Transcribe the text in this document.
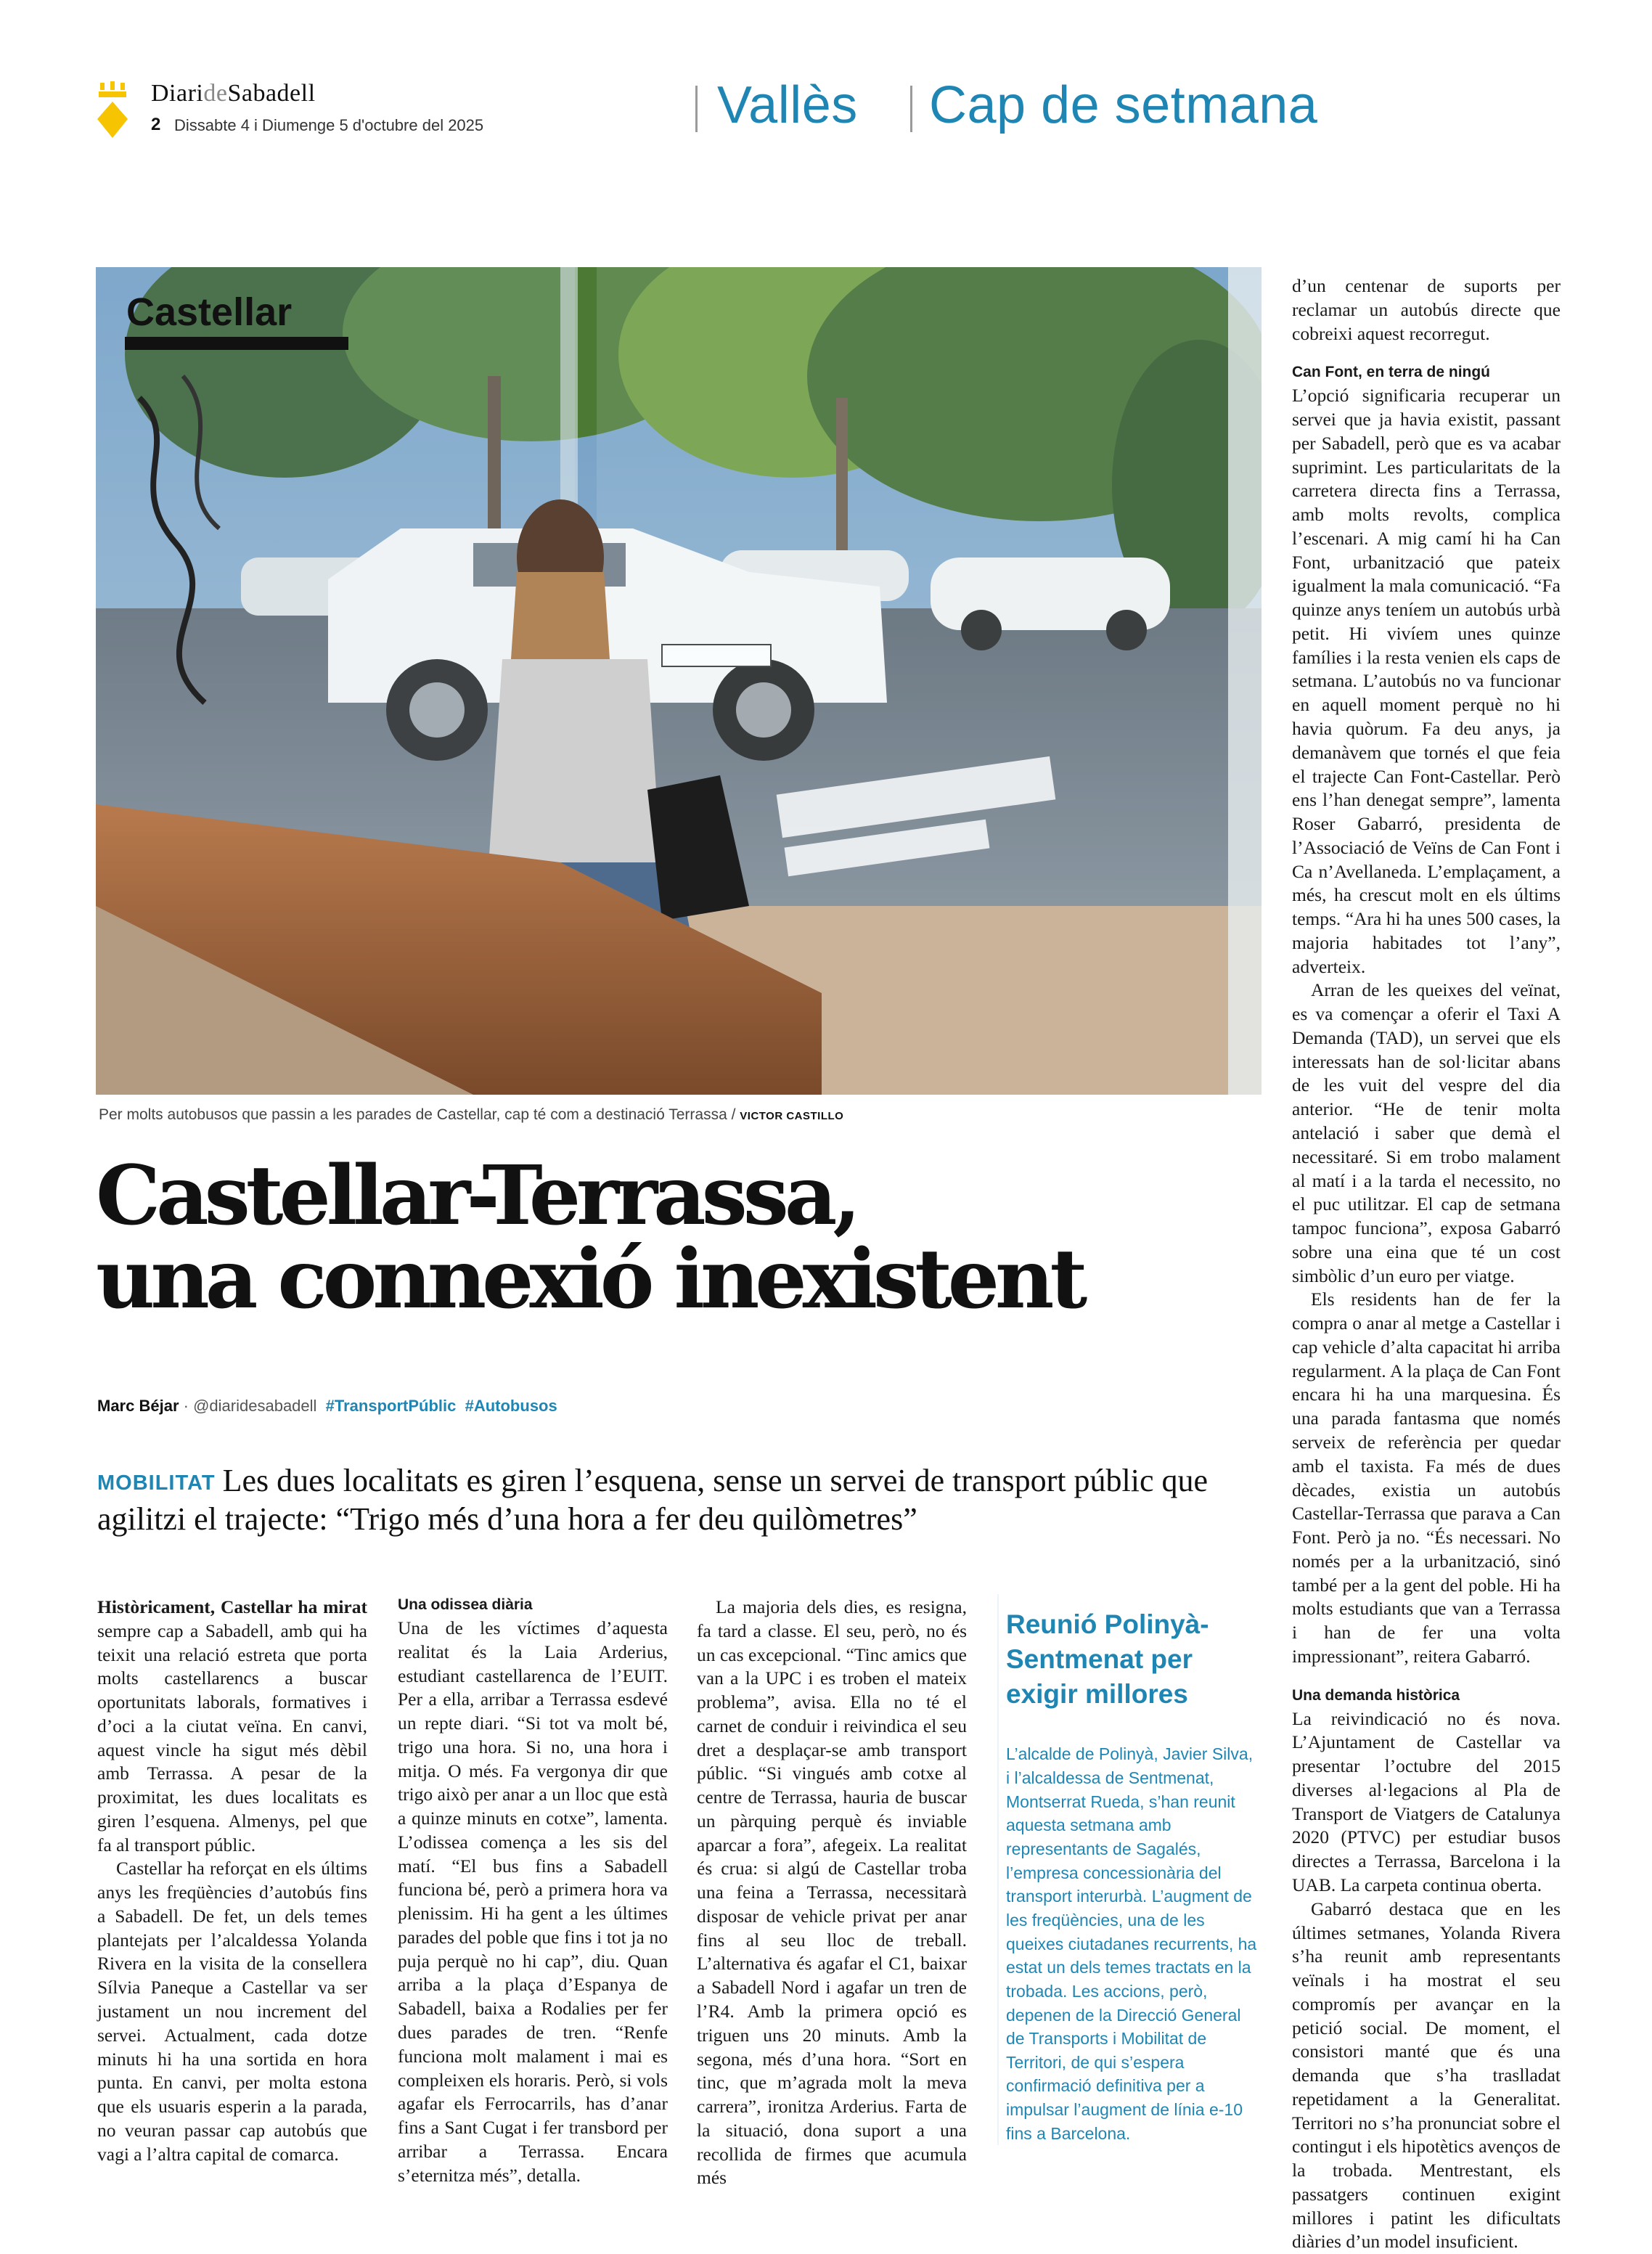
DiarideSabadell
2 Dissabte 4 i Diumenge 5 d'octubre del 2025	Vallès Cap de setmana
Castellar
Per molts autobusos que passin a les parades de Castellar, cap té com a destinació Terrassa / VICTOR CASTILLO
Castellar-Terrassa,
una connexió inexistent
Marc Béjar · @diaridesabadell #TransportPúblic #Autobusos
MOBILITAT Les dues localitats es giren l’esquena, sense un servei de transport públic que agilitzi el trajecte: “Trigo més d’una hora a fer deu quilòmetres”

Històricament, Castellar ha mirat sempre cap a Sabadell, amb qui ha teixit una relació estreta que porta molts castellarencs a buscar oportunitats laborals, formatives i d’oci a la ciutat veïna. En canvi, aquest vincle ha sigut més dèbil amb Terrassa. A pesar de la proximitat, les dues localitats es giren l’esquena. Almenys, pel que fa al transport públic.

Castellar ha reforçat en els últims anys les freqüències d’autobús fins a Sabadell. De fet, un dels temes plantejats per l’alcaldessa Yolanda Rivera en la visita de la consellera Sílvia Paneque a Castellar va ser justament un nou increment del servei. Actualment, cada dotze minuts hi ha una sortida en hora punta. En canvi, per molta estona que els usuaris esperin a la parada, no veuran passar cap autobús que vagi a l’altra capital de comarca.

Una odissea diària

Una de les víctimes d’aquesta realitat és la Laia Arderius, estudiant castellarenca de l’EUIT. Per a ella, arribar a Terrassa esdevé un repte diari. “Si tot va molt bé, trigo una hora. Si no, una hora i mitja. O més. Fa vergonya dir que trigo això per anar a un lloc que està a quinze minuts en cotxe”, lamenta. L’odissea comença a les sis del matí. “El bus fins a Sabadell funciona bé, però a primera hora va plenissim. Hi ha gent a les últimes parades del poble que fins i tot ja no puja perquè no hi cap”, diu. Quan arriba a la plaça d’Espanya de Sabadell, baixa a Rodalies per fer dues parades de tren. “Renfe funciona molt malament i mai es compleixen els horaris. Però, si vols agafar els Ferrocarrils, has d’anar fins a Sant Cugat i fer transbord per arribar a Terrassa. Encara s’eternitza més”, detalla.

La majoria dels dies, es resigna, fa tard a classe. El seu, però, no és un cas excepcional. “Tinc amics que van a la UPC i es troben el mateix problema”, avisa. Ella no té el carnet de conduir i reivindica el seu dret a desplaçar-se amb transport públic. “Si vingués amb cotxe al centre de Terrassa, hauria de buscar un pàrquing perquè és inviable aparcar a fora”, afegeix. La realitat és crua: si algú de Castellar troba una feina a Terrassa, necessitarà disposar de vehicle privat per anar fins al seu lloc de treball. L’alternativa és agafar el C1, baixar a Sabadell Nord i agafar un tren de l’R4. Amb la primera opció es triguen uns 20 minuts. Amb la segona, més d’una hora. “Sort en tinc, que m’agrada molt la meva carrera”, ironitza Arderius. Farta de la situació, dona suport a una recollida de firmes que acumula més

Reunió Polinyà-Sentmenat per exigir millores
L’alcalde de Polinyà, Javier Silva, i l’alcaldessa de Sentmenat, Montserrat Rueda, s’han reunit aquesta setmana amb representants de Sagalés, l’empresa concessionària del transport interurbà. L’augment de les freqüències, una de les queixes ciutadanes recurrents, ha estat un dels temes tractats en la trobada. Les accions, però, depenen de la Direcció General de Transports i Mobilitat de Territori, de qui s’espera confirmació definitiva per a impulsar l’augment de línia e-10 fins a Barcelona.

d’un centenar de suports per reclamar un autobús directe que cobreixi aquest recorregut.

Can Font, en terra de ningú

L’opció significaria recuperar un servei que ja havia existit, passant per Sabadell, però que es va acabar suprimint. Les particularitats de la carretera directa fins a Terrassa, amb molts revolts, complica l’escenari. A mig camí hi ha Can Font, urbanització que pateix igualment la mala comunicació. “Fa quinze anys teníem un autobús urbà petit. Hi vivíem unes quinze famílies i la resta venien els caps de setmana. L’autobús no va funcionar en aquell moment perquè no hi havia quòrum. Fa deu anys, ja demanàvem que tornés el que feia el trajecte Can Font-Castellar. Però ens l’han denegat sempre”, lamenta Roser Gabarró, presidenta de l’Associació de Veïns de Can Font i Ca n’Avellaneda. L’emplaçament, a més, ha crescut molt en els últims temps. “Ara hi ha unes 500 cases, la majoria habitades tot l’any”, adverteix.

Arran de les queixes del veïnat, es va començar a oferir el Taxi A Demanda (TAD), un servei que els interessats han de sol·licitar abans de les vuit del vespre del dia anterior. “He de tenir molta antelació i saber que demà el necessitaré. Si em trobo malament al matí i a la tarda el necessito, no el puc utilitzar. El cap de setmana tampoc funciona”, exposa Gabarró sobre una eina que té un cost simbòlic d’un euro per viatge.

Els residents han de fer la compra o anar al metge a Castellar i cap vehicle d’alta capacitat hi arriba regularment. A la plaça de Can Font encara hi ha una marquesina. És una parada fantasma que només serveix de referència per quedar amb el taxista. Fa més de dues dècades, existia un autobús Castellar-Terrassa que parava a Can Font. Però ja no. “És necessari. No només per a la urbanització, sinó també per a la gent del poble. Hi ha molts estudiants que van a Terrassa i han de fer una volta impressionant”, reitera Gabarró.

Una demanda històrica

La reivindicació no és nova. L’Ajuntament de Castellar va presentar l’octubre del 2015 diverses al·legacions al Pla de Transport de Viatgers de Catalunya 2020 (PTVC) per estudiar busos directes a Terrassa, Barcelona i la UAB. La carpeta continua oberta.

Gabarró destaca que en les últimes setmanes, Yolanda Rivera s’ha reunit amb representants veïnals i ha mostrat el seu compromís per avançar en la petició social. De moment, el consistori manté que és una demanda que s’ha traslladat repetidament a la Generalitat. Territori no s’ha pronunciat sobre el contingut i els hipotètics avenços de la trobada. Mentrestant, els passatgers continuen exigint millores i patint les dificultats diàries d’un model insuficient.
